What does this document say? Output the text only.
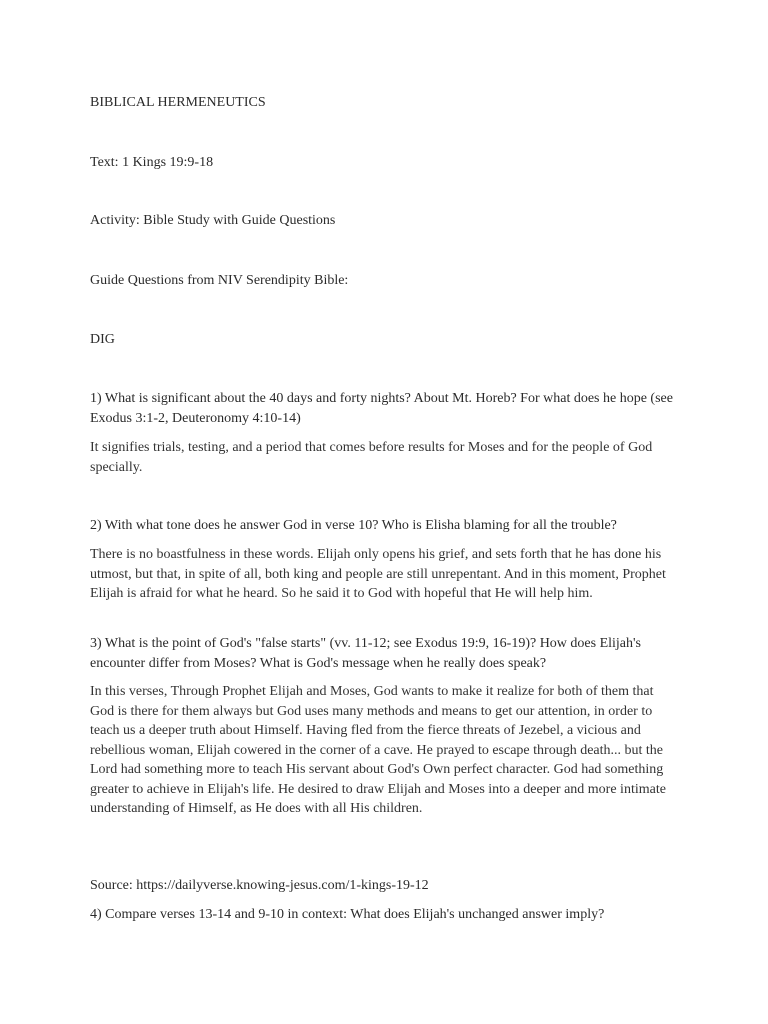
BIBLICAL HERMENEUTICS

Text: 1 Kings 19:9-18

Activity: Bible Study with Guide Questions

Guide Questions from NIV Serendipity Bible:

DIG

1) What is significant about the 40 days and forty nights? About Mt. Horeb? For what does he hope (see Exodus 3:1-2, Deuteronomy 4:10-14)

It signifies trials, testing, and a period that comes before results for Moses and for the people of God specially.

2) With what tone does he answer God in verse 10? Who is Elisha blaming for all the trouble?

There is no boastfulness in these words. Elijah only opens his grief, and sets forth that he has done his utmost, but that, in spite of all, both king and people are still unrepentant. And in this moment, Prophet Elijah is afraid for what he heard. So he said it to God with hopeful that He will help him.

3) What is the point of God's "false starts" (vv. 11-12; see Exodus 19:9, 16-19)? How does Elijah's encounter differ from Moses? What is God's message when he really does speak?

In this verses, Through Prophet Elijah and Moses, God wants to make it realize for both of them that God is there for them always but God uses many methods and means to get our attention, in order to teach us a deeper truth about Himself. Having fled from the fierce threats of Jezebel, a vicious and rebellious woman, Elijah cowered in the corner of a cave. He prayed to escape through death... but the Lord had something more to teach His servant about God's Own perfect character. God had something greater to achieve in Elijah's life. He desired to draw Elijah and Moses into a deeper and more intimate understanding of Himself, as He does with all His children.

Source: https://dailyverse.knowing-jesus.com/1-kings-19-12

4) Compare verses 13-14 and 9-10 in context: What does Elijah's unchanged answer imply?
